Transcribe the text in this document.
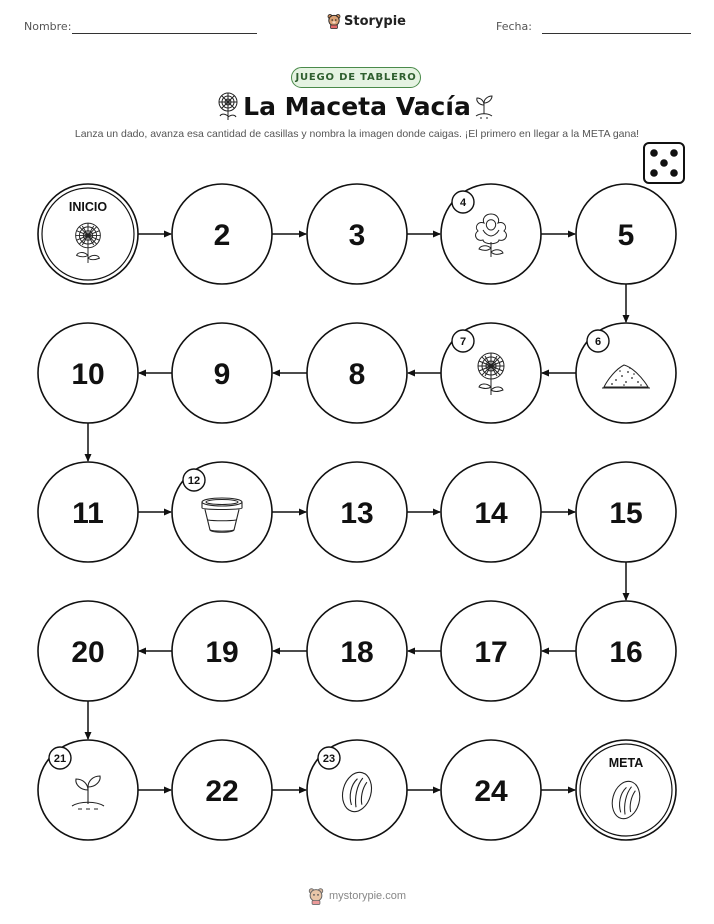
Nombre:	Storypie	Fecha:
JUEGO DE TABLERO
La Maceta Vacía
Lanza un dado, avanza esa cantidad de casillas y nombra la imagen donde caigas. ¡El primero en llegar a la META gana!
INICIO
2	3
4
5
6
7
8
9
10
11
12
13	14	15
16
17
18
19
20
21
22
23
24
META
mystorypie.com
